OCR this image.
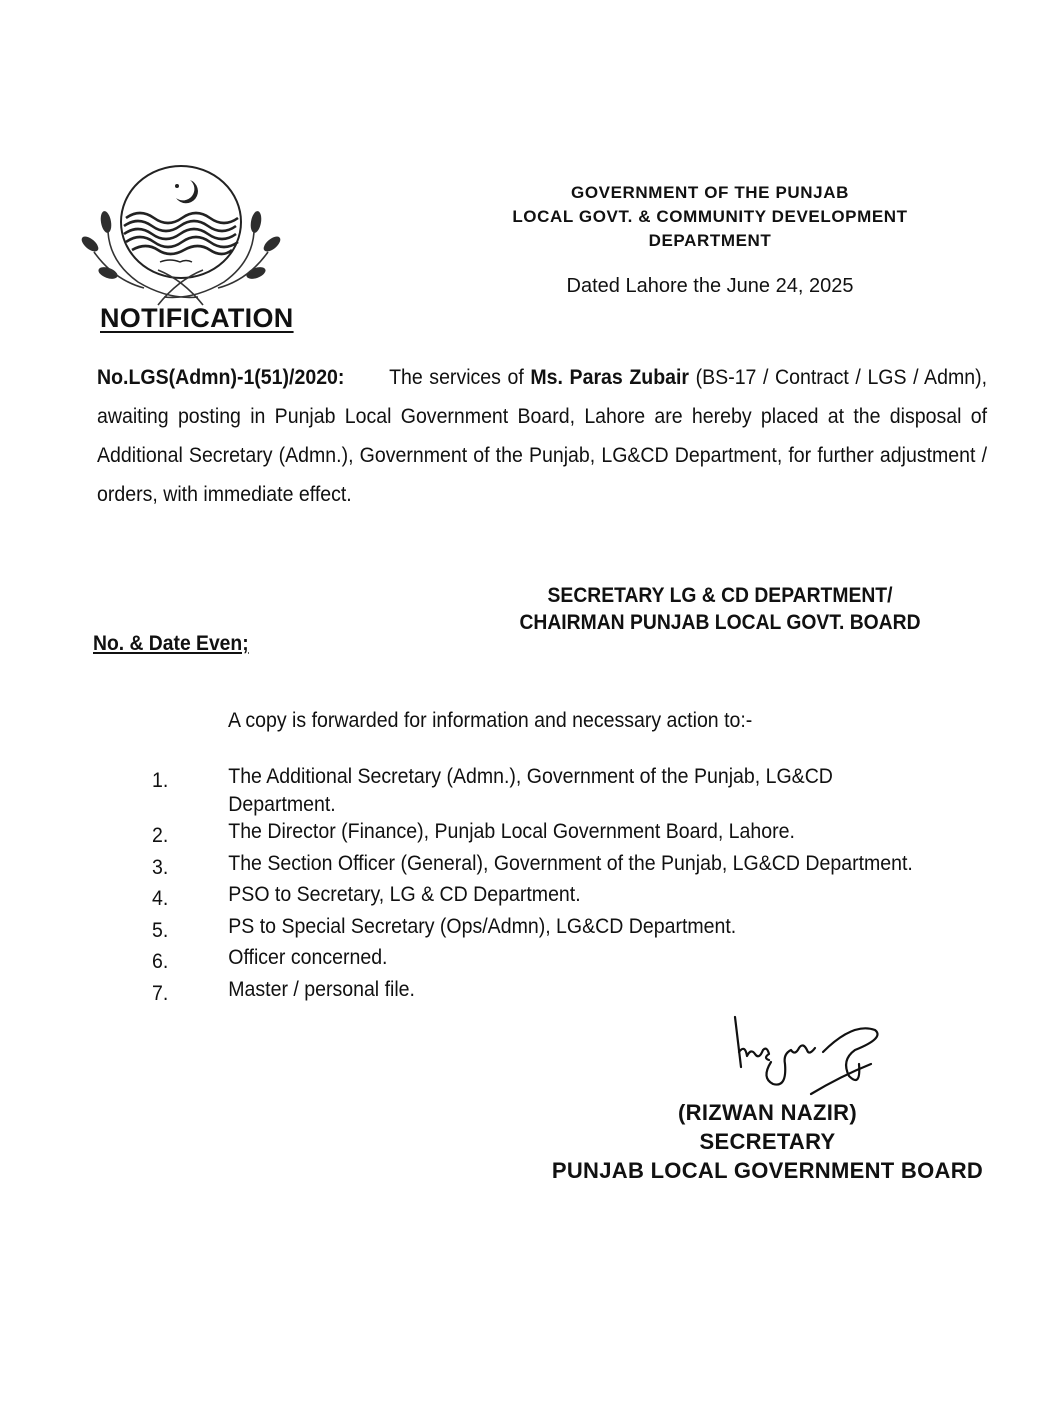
NOTIFICATION
GOVERNMENT OF THE PUNJAB
LOCAL GOVT. & COMMUNITY DEVELOPMENT
DEPARTMENT
Dated Lahore the June 24, 2025
No.LGS(Admn)-1(51)/2020: The services of Ms. Paras Zubair (BS-17 / Contract / LGS / Admn), awaiting posting in Punjab Local Government Board, Lahore are hereby placed at the disposal of Additional Secretary (Admn.), Government of the Punjab, LG&CD Department, for further adjustment / orders, with immediate effect.
SECRETARY LG & CD DEPARTMENT/
CHAIRMAN PUNJAB LOCAL GOVT. BOARD
No. & Date Even;
A copy is forwarded for information and necessary action to:-
1.	The Additional Secretary (Admn.), Government of the Punjab, LG&CD Department.
2.	The Director (Finance), Punjab Local Government Board, Lahore.
3.	The Section Officer (General), Government of the Punjab, LG&CD Department.
4.	PSO to Secretary, LG & CD Department.
5.	PS to Special Secretary (Ops/Admn), LG&CD Department.
6.	Officer concerned.
7.	Master / personal file.
(RIZWAN NAZIR)
SECRETARY
PUNJAB LOCAL GOVERNMENT BOARD
